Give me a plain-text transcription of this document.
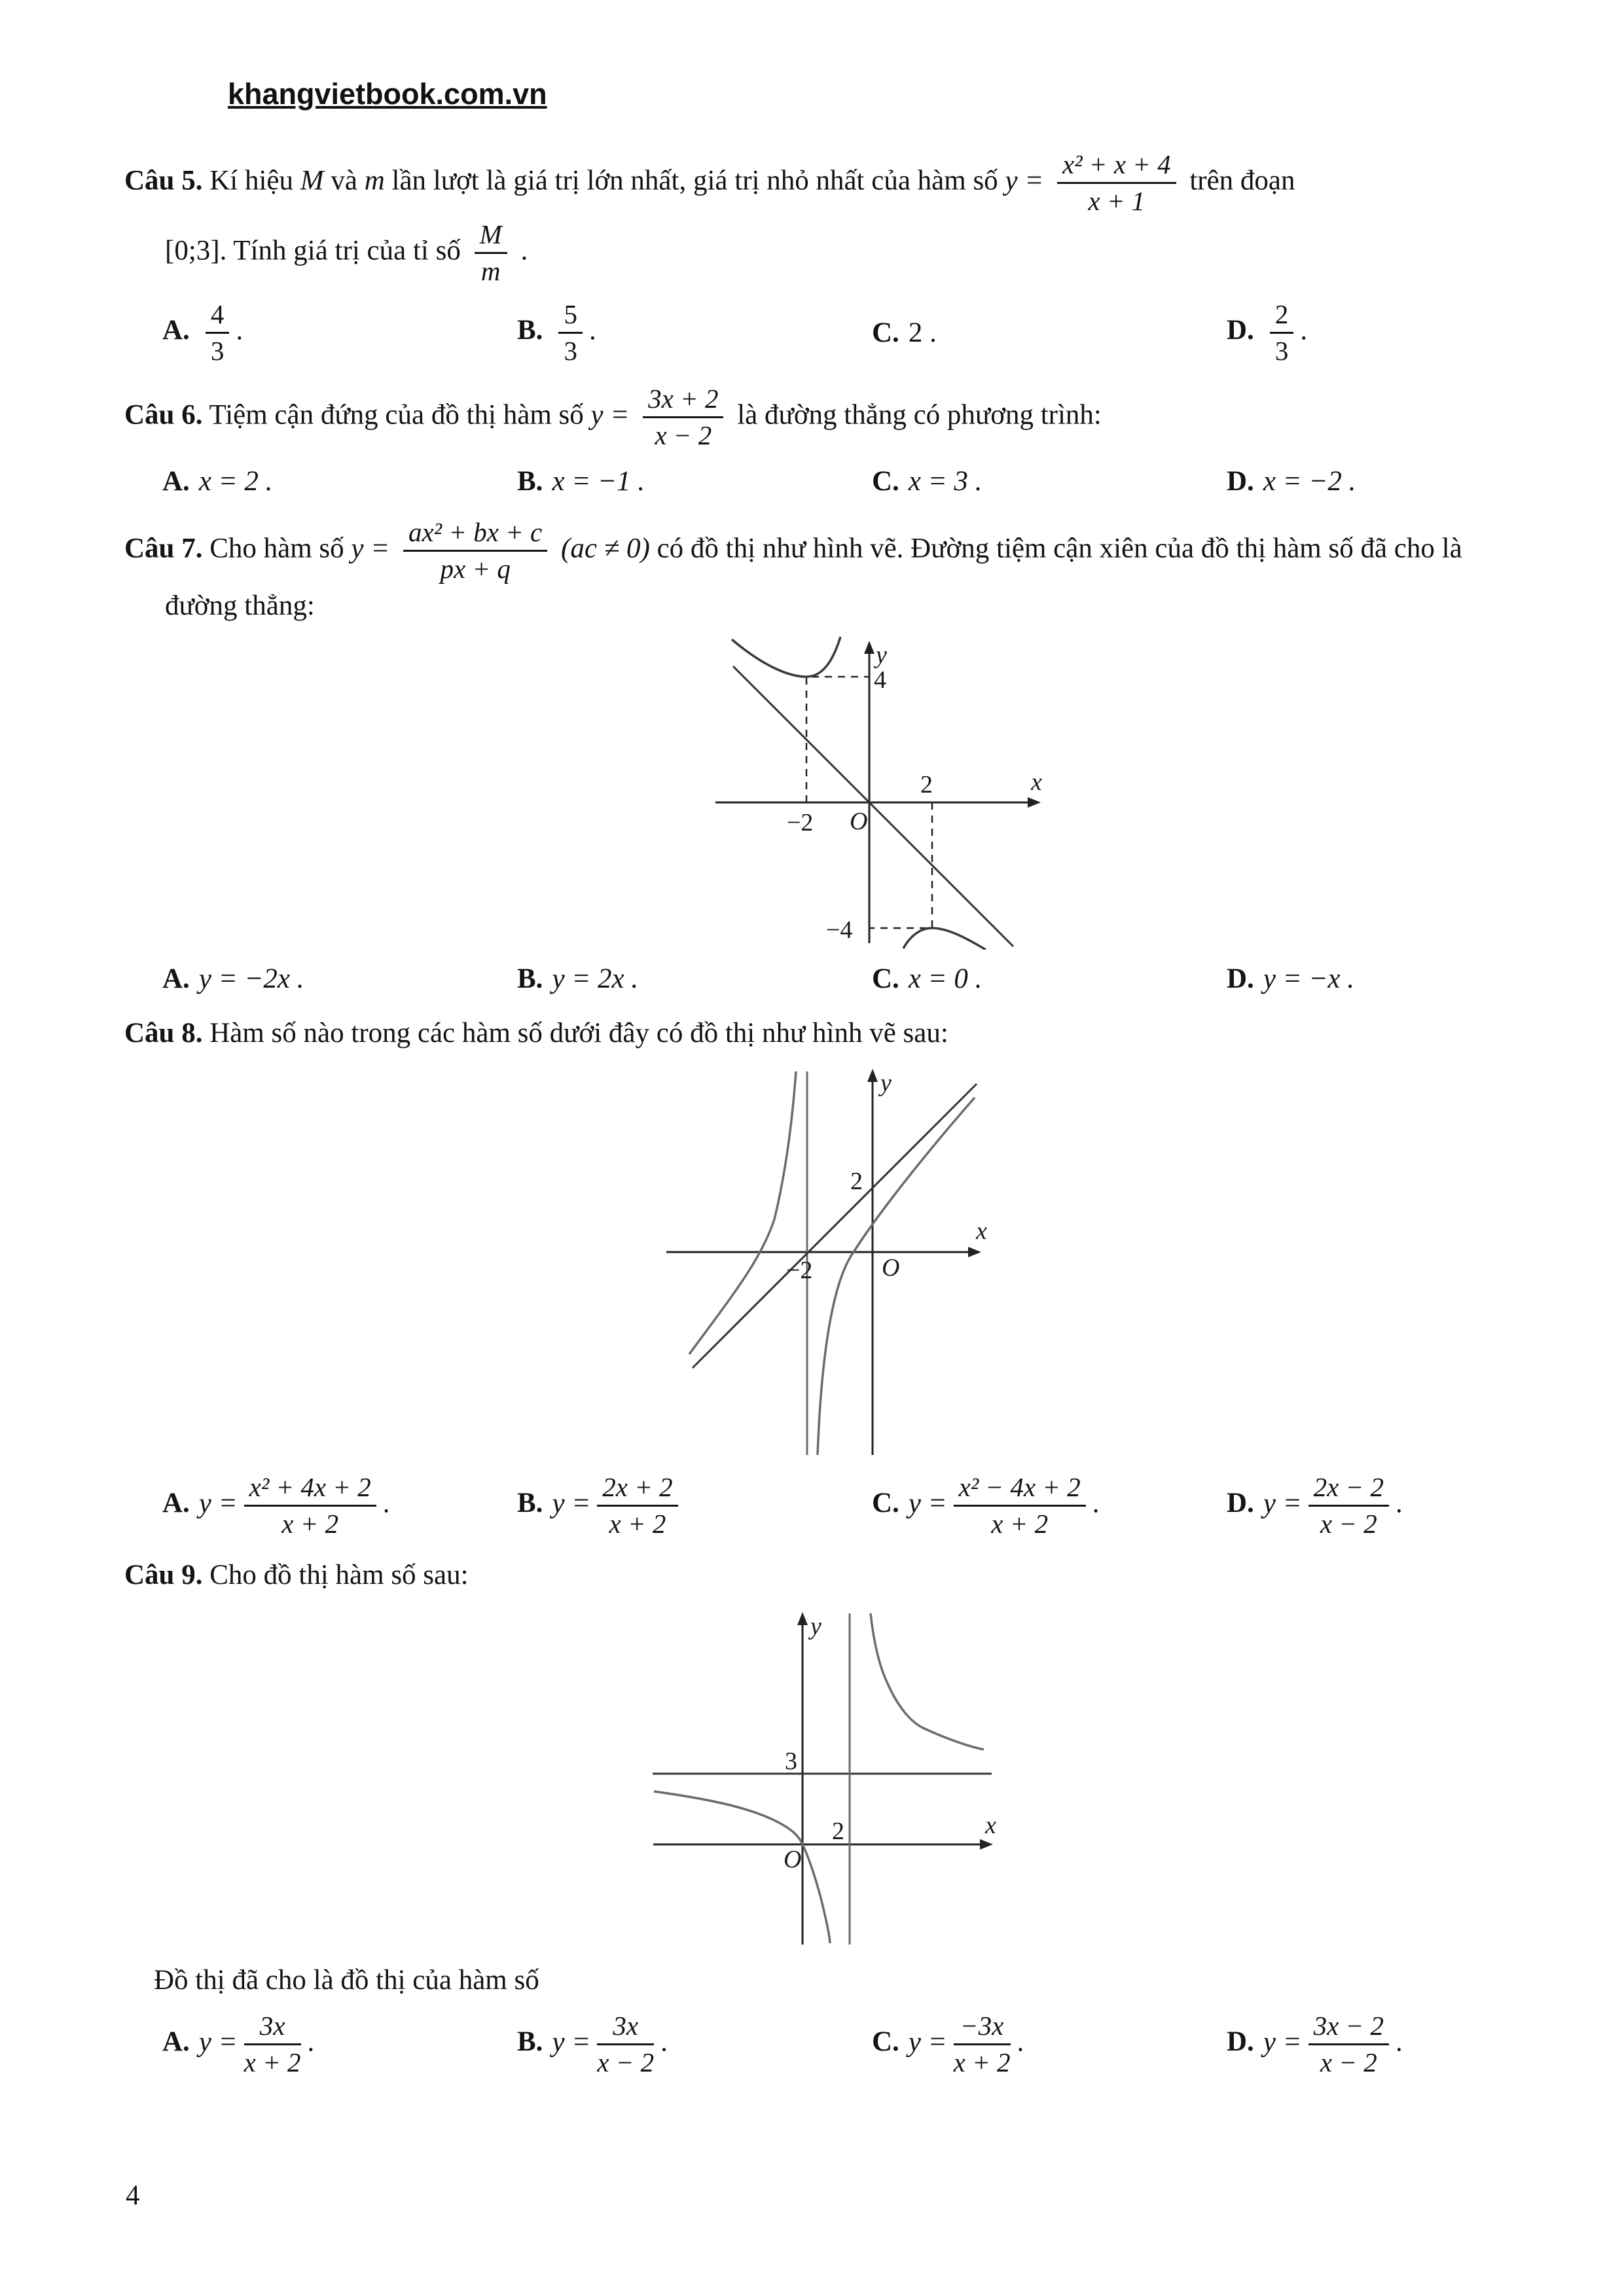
khangvietbook.com.vn

Câu 5. Kí hiệu M và m lần lượt là giá trị lớn nhất, giá trị nhỏ nhất của hàm số $y = \frac{\text{x² + x + 4}}{x + 1}$ trên đoạn
[0;3]. Tính giá trị của tỉ số $\frac{M}{m}$ .

A. $\frac{4}{3}$ .	B. $\frac{5}{3}$ .	C. 2 .	D. $\frac{2}{3}$ .

Câu 6. Tiệm cận đứng của đồ thị hàm số $y = \frac{3x + 2}{x - 2}$ là đường thẳng có phương trình:

A. x = 2 .	B. x = −1 .	C. x = 3 .	D. x = −2 .

Câu 7. Cho hàm số $y = \frac{\text{ax² + bx + c}}{px + q} (ac \ne 0)$ có đồ thị như hình vẽ. Đường tiệm cận xiên của đồ thị hàm số đã cho là đường thẳng:

y
x
O
4
2
−2
−4
A. y = −2x .	B. y = 2x .	C. x = 0 .	D. y = −x .

Câu 8. Hàm số nào trong các hàm số dưới đây có đồ thị như hình vẽ sau:

y
x
O
2
−2
A. $y = \frac{\text{x² + 4x + 2}}{x + 2}$ .	B. $y = \frac{2x + 2}{x + 2}$	C. $y = \frac{\text{x² − 4x + 2}}{x + 2}$ .	D. $y = \frac{2x - 2}{x - 2}$ .

Câu 9. Cho đồ thị hàm số sau:

y
x
O
3
2

Đồ thị đã cho là đồ thị của hàm số

A. $y = \frac{3x}{x + 2}$ .	B. $y = \frac{3x}{x - 2}$ .	C. $y = \frac{-3x}{x + 2}$ .	D. $y = \frac{3x - 2}{x - 2}$ .
4
